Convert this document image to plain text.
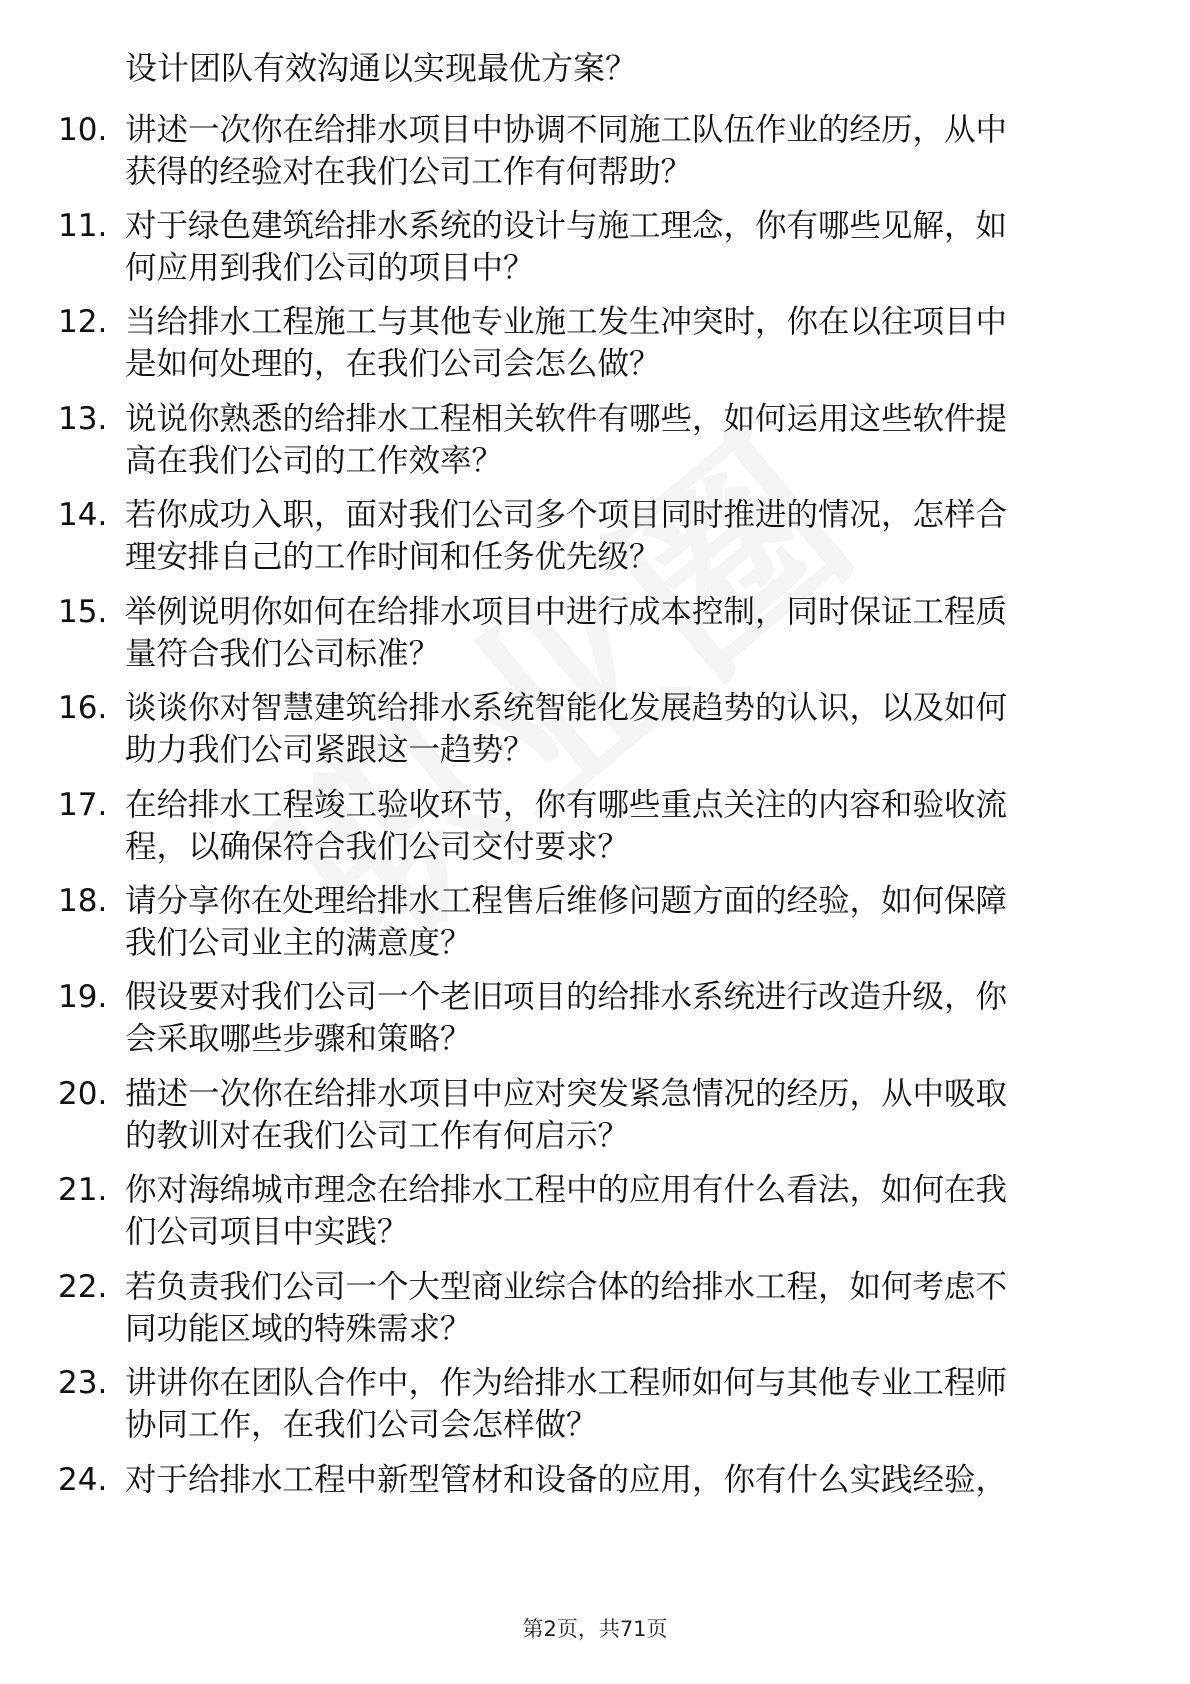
设计团队有效沟通以实现最优方案？
10. 讲述一次你在给排水项目中协调不同施工队伍作业的经历，从中
获得的经验对在我们公司工作有何帮助？
11. 对于绿色建筑给排水系统的设计与施工理念，你有哪些见解，如
何应用到我们公司的项目中？
12. 当给排水工程施工与其他专业施工发生冲突时，你在以往项目中
是如何处理的，在我们公司会怎么做？
13. 说说你熟悉的给排水工程相关软件有哪些，如何运用这些软件提
高在我们公司的工作效率？
14. 若你成功入职，面对我们公司多个项目同时推进的情况，怎样合
理安排自己的工作时间和任务优先级？
15. 举例说明你如何在给排水项目中进行成本控制，同时保证工程质
量符合我们公司标准？
16. 谈谈你对智慧建筑给排水系统智能化发展趋势的认识，以及如何
助力我们公司紧跟这一趋势？
17. 在给排水工程竣工验收环节，你有哪些重点关注的内容和验收流
程，以确保符合我们公司交付要求？
18. 请分享你在处理给排水工程售后维修问题方面的经验，如何保障
我们公司业主的满意度？
19. 假设要对我们公司一个老旧项目的给排水系统进行改造升级，你
会采取哪些步骤和策略？
20. 描述一次你在给排水项目中应对突发紧急情况的经历，从中吸取
的教训对在我们公司工作有何启示？
21. 你对海绵城市理念在给排水工程中的应用有什么看法，如何在我
们公司项目中实践？
22. 若负责我们公司一个大型商业综合体的给排水工程，如何考虑不
同功能区域的特殊需求？
23. 讲讲你在团队合作中，作为给排水工程师如何与其他专业工程师
协同工作，在我们公司会怎样做？
24. 对于给排水工程中新型管材和设备的应用，你有什么实践经验，
第2页，共71页
